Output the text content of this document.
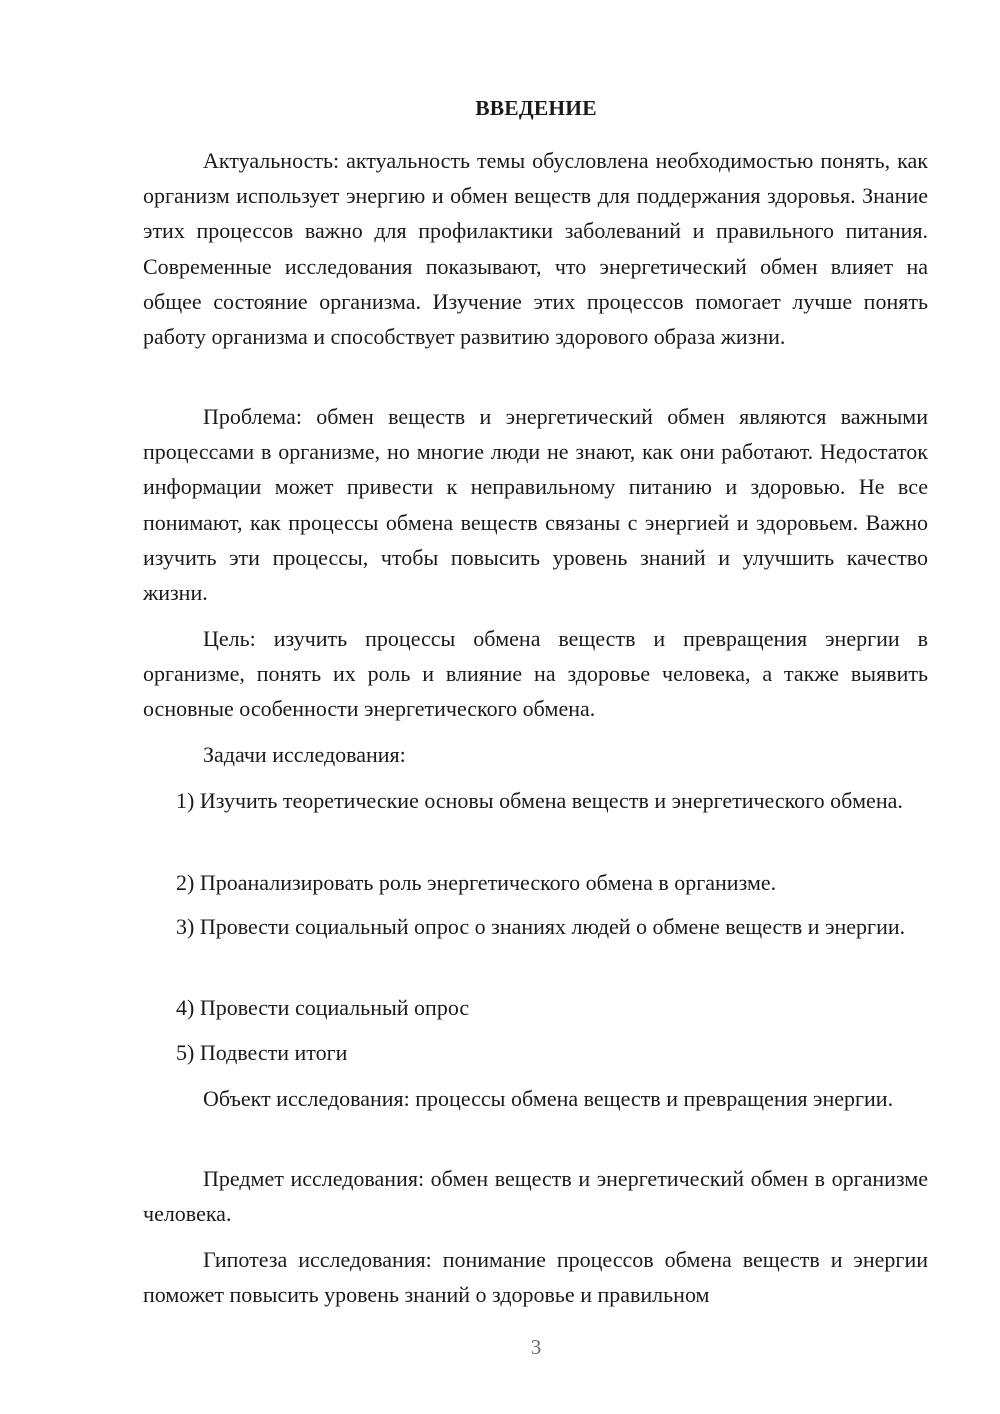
ВВЕДЕНИЕ

Актуальность: актуальность темы обусловлена необходимостью понять, как организм использует энергию и обмен веществ для поддержания здоровья. Знание этих процессов важно для профилактики заболеваний и правильного питания. Современные исследования показывают, что энергетический обмен влияет на общее состояние организма. Изучение этих процессов помогает лучше понять работу организма и способствует развитию здорового образа жизни.

Проблема: обмен веществ и энергетический обмен являются важными процессами в организме, но многие люди не знают, как они работают. Недостаток информации может привести к неправильному питанию и здоровью. Не все понимают, как процессы обмена веществ связаны с энергией и здоровьем. Важно изучить эти процессы, чтобы повысить уровень знаний и улучшить качество жизни.

Цель: изучить процессы обмена веществ и превращения энергии в организме, понять их роль и влияние на здоровье человека, а также выявить основные особенности энергетического обмена.

Задачи исследования:

1) Изучить теоретические основы обмена веществ и энергетического обмена.

2) Проанализировать роль энергетического обмена в организме.

3) Провести социальный опрос о знаниях людей о обмене веществ и энергии.

4) Провести социальный опрос

5) Подвести итоги

Объект исследования: процессы обмена веществ и превращения энергии.

Предмет исследования: обмен веществ и энергетический обмен в организме человека.

Гипотеза исследования: понимание процессов обмена веществ и энергии поможет повысить уровень знаний о здоровье и правильном

3
